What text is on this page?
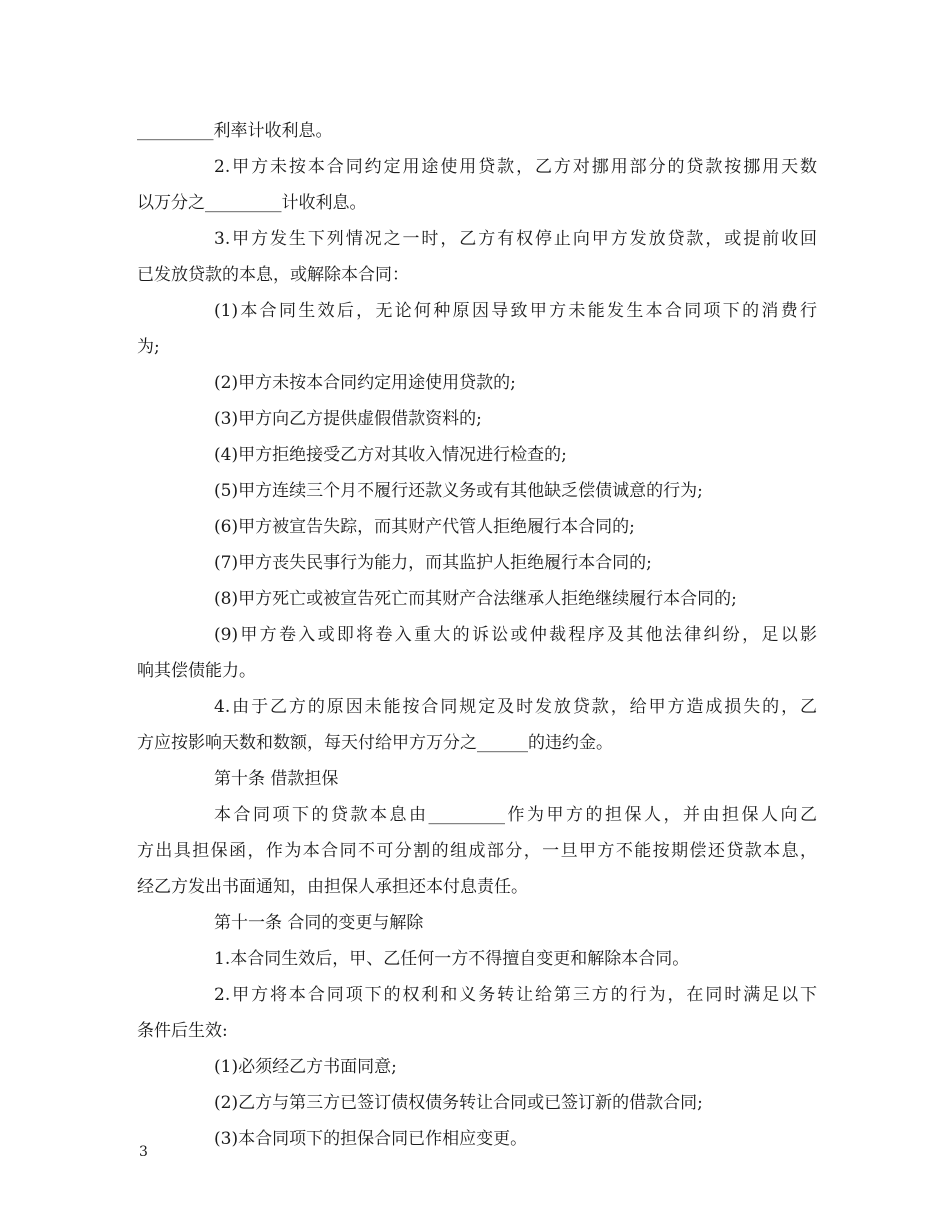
_________利率计收利息。
2.甲方未按本合同约定用途使用贷款，乙方对挪用部分的贷款按挪用天数
以万分之_________计收利息。
3.甲方发生下列情况之一时，乙方有权停止向甲方发放贷款，或提前收回
已发放贷款的本息，或解除本合同：
(1)本合同生效后，无论何种原因导致甲方未能发生本合同项下的消费行
为;
(2)甲方未按本合同约定用途使用贷款的;
(3)甲方向乙方提供虚假借款资料的;
(4)甲方拒绝接受乙方对其收入情况进行检查的;
(5)甲方连续三个月不履行还款义务或有其他缺乏偿债诚意的行为;
(6)甲方被宣告失踪，而其财产代管人拒绝履行本合同的;
(7)甲方丧失民事行为能力，而其监护人拒绝履行本合同的;
(8)甲方死亡或被宣告死亡而其财产合法继承人拒绝继续履行本合同的;
(9)甲方卷入或即将卷入重大的诉讼或仲裁程序及其他法律纠纷，足以影
响其偿债能力。
4.由于乙方的原因未能按合同规定及时发放贷款，给甲方造成损失的，乙
方应按影响天数和数额，每天付给甲方万分之______的违约金。
第十条 借款担保
本合同项下的贷款本息由_________作为甲方的担保人，并由担保人向乙
方出具担保函，作为本合同不可分割的组成部分，一旦甲方不能按期偿还贷款本息，
经乙方发出书面通知，由担保人承担还本付息责任。
第十一条 合同的变更与解除
1.本合同生效后，甲、乙任何一方不得擅自变更和解除本合同。
2.甲方将本合同项下的权利和义务转让给第三方的行为，在同时满足以下
条件后生效:
(1)必须经乙方书面同意;
(2)乙方与第三方已签订债权债务转让合同或已签订新的借款合同;
(3)本合同项下的担保合同已作相应变更。
3
